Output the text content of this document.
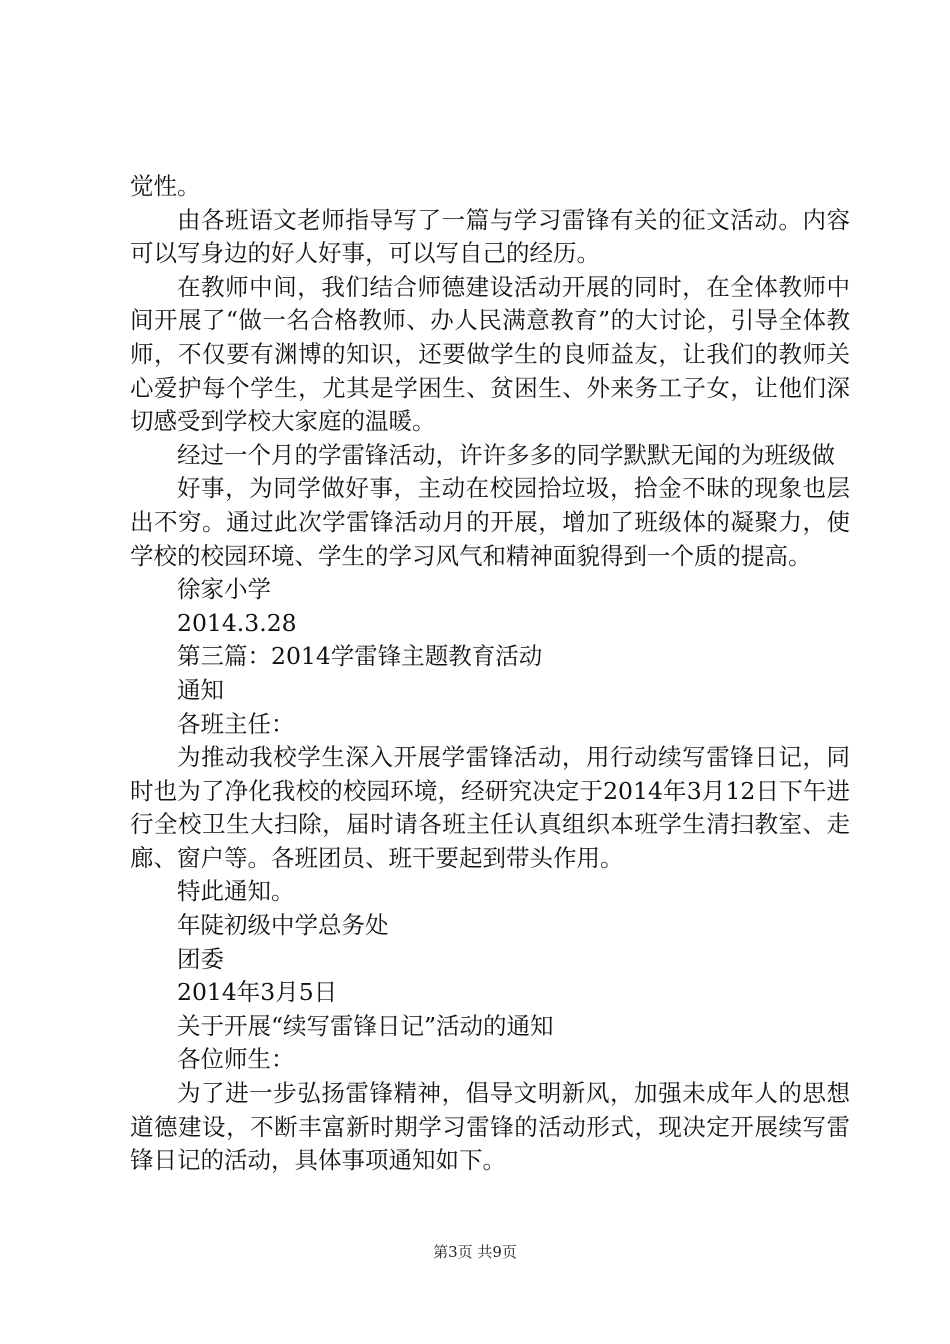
觉性。

由各班语文老师指导写了一篇与学习雷锋有关的征文活动。内容可以写身边的好人好事，可以写自己的经历。

在教师中间，我们结合师德建设活动开展的同时，在全体教师中间开展了“做一名合格教师、办人民满意教育”的大讨论，引导全体教师，不仅要有渊博的知识，还要做学生的良师益友，让我们的教师关心爱护每个学生，尤其是学困生、贫困生、外来务工子女，让他们深切感受到学校大家庭的温暖。

经过一个月的学雷锋活动，许许多多的同学默默无闻的为班级做

好事，为同学做好事，主动在校园拾垃圾，拾金不昧的现象也层出不穷。通过此次学雷锋活动月的开展，增加了班级体的凝聚力，使学校的校园环境、学生的学习风气和精神面貌得到一个质的提高。

徐家小学

2014.3.28

第三篇：2014学雷锋主题教育活动

通知

各班主任：

为推动我校学生深入开展学雷锋活动，用行动续写雷锋日记，同时也为了净化我校的校园环境，经研究决定于2014年3月12日下午进行全校卫生大扫除，届时请各班主任认真组织本班学生清扫教室、走廊、窗户等。各班团员、班干要起到带头作用。

特此通知。

年陡初级中学总务处

团委

2014年3月5日

关于开展“续写雷锋日记”活动的通知

各位师生：

为了进一步弘扬雷锋精神，倡导文明新风，加强未成年人的思想道德建设，不断丰富新时期学习雷锋的活动形式，现决定开展续写雷锋日记的活动，具体事项通知如下。

第3页 共9页
